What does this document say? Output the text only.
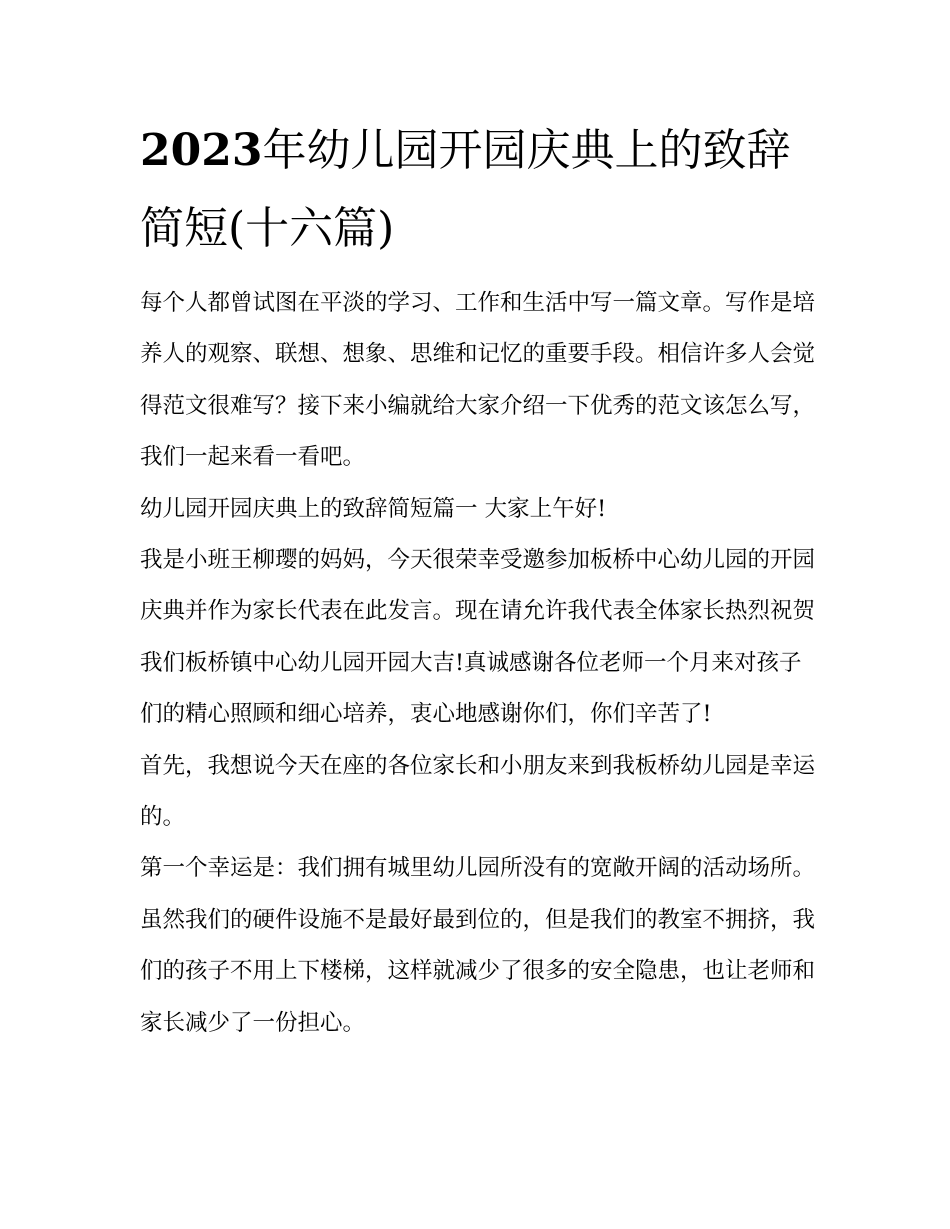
2023年幼儿园开园庆典上的致辞简短(十六篇)

每个人都曾试图在平淡的学习、工作和生活中写一篇文章。写作是培养人的观察、联想、想象、思维和记忆的重要手段。相信许多人会觉得范文很难写？接下来小编就给大家介绍一下优秀的范文该怎么写，我们一起来看一看吧。

幼儿园开园庆典上的致辞简短篇一 大家上午好!

我是小班王柳璎的妈妈，今天很荣幸受邀参加板桥中心幼儿园的开园庆典并作为家长代表在此发言。现在请允许我代表全体家长热烈祝贺我们板桥镇中心幼儿园开园大吉!真诚感谢各位老师一个月来对孩子们的精心照顾和细心培养，衷心地感谢你们，你们辛苦了!

首先，我想说今天在座的各位家长和小朋友来到我板桥幼儿园是幸运的。

第一个幸运是：我们拥有城里幼儿园所没有的宽敞开阔的活动场所。虽然我们的硬件设施不是最好最到位的，但是我们的教室不拥挤，我们的孩子不用上下楼梯，这样就减少了很多的安全隐患，也让老师和家长减少了一份担心。
